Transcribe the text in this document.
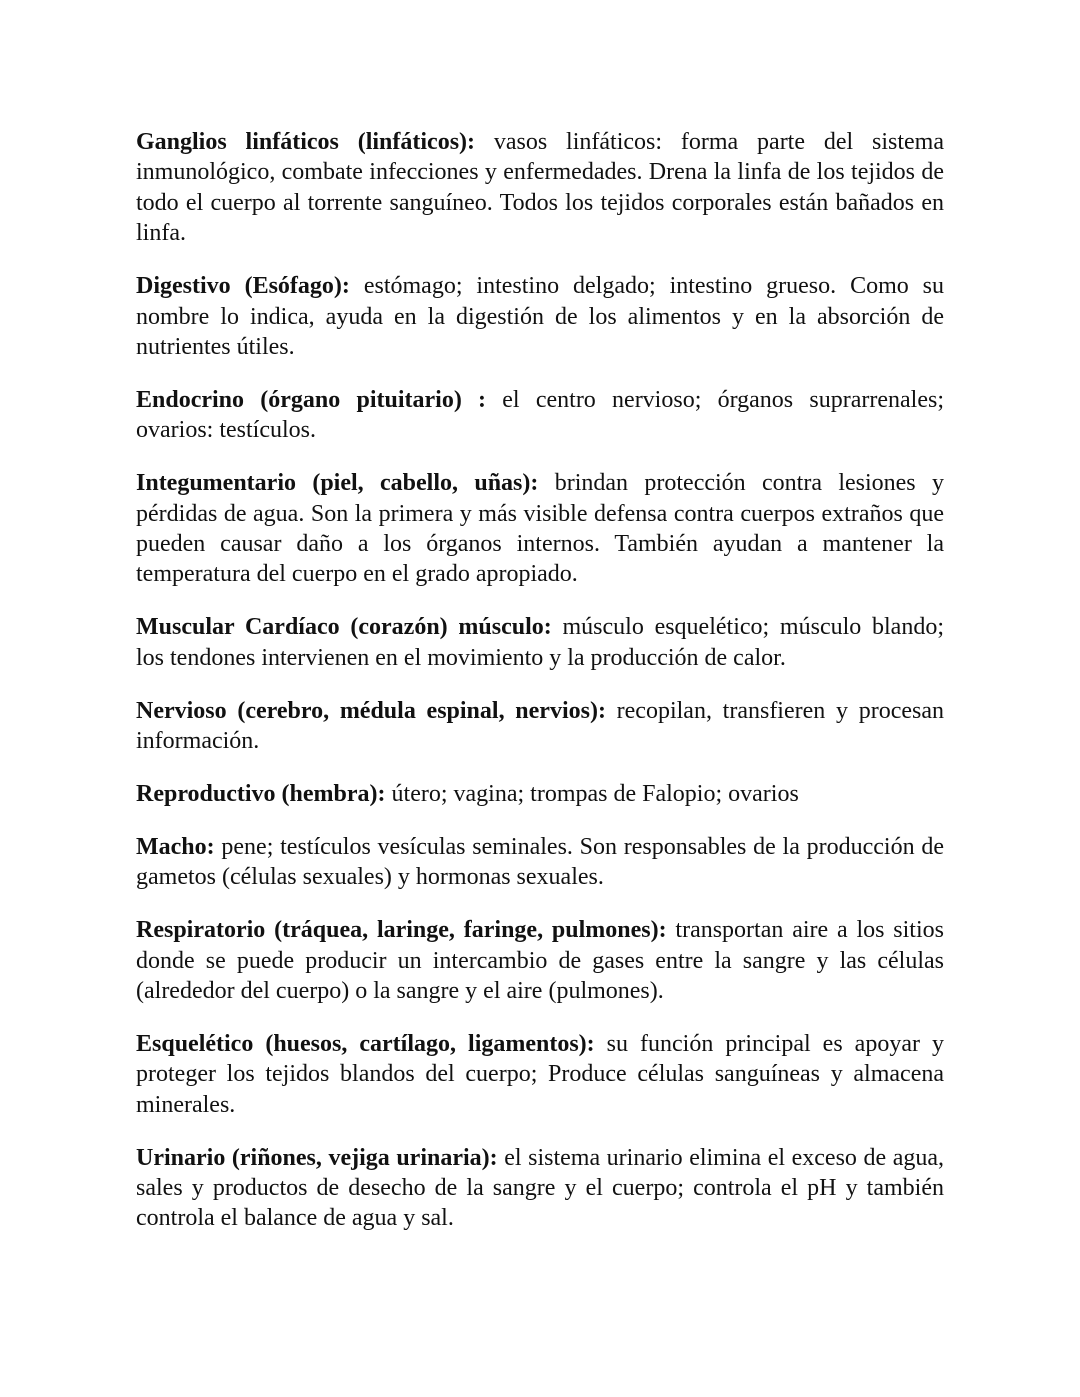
Ganglios linfáticos (linfáticos): vasos linfáticos: forma parte del sistema inmunológico, combate infecciones y enfermedades. Drena la linfa de los tejidos de todo el cuerpo al torrente sanguíneo. Todos los tejidos corporales están bañados en linfa.

Digestivo (Esófago): estómago; intestino delgado; intestino grueso. Como su nombre lo indica, ayuda en la digestión de los alimentos y en la absorción de nutrientes útiles.

Endocrino (órgano pituitario) : el centro nervioso; órganos suprarrenales; ovarios: testículos.

Integumentario (piel, cabello, uñas): brindan protección contra lesiones y pérdidas de agua. Son la primera y más visible defensa contra cuerpos extraños que pueden causar daño a los órganos internos. También ayudan a mantener la temperatura del cuerpo en el grado apropiado.

Muscular Cardíaco (corazón) músculo: músculo esquelético; músculo blando; los tendones intervienen en el movimiento y la producción de calor.

Nervioso (cerebro, médula espinal, nervios): recopilan, transfieren y procesan información.

Reproductivo (hembra): útero; vagina; trompas de Falopio; ovarios

Macho: pene; testículos vesículas seminales. Son responsables de la producción de gametos (células sexuales) y hormonas sexuales.

Respiratorio (tráquea, laringe, faringe, pulmones): transportan aire a los sitios donde se puede producir un intercambio de gases entre la sangre y las células (alrededor del cuerpo) o la sangre y el aire (pulmones).

Esquelético (huesos, cartílago, ligamentos): su función principal es apoyar y proteger los tejidos blandos del cuerpo; Produce células sanguíneas y almacena minerales.

Urinario (riñones, vejiga urinaria): el sistema urinario elimina el exceso de agua, sales y productos de desecho de la sangre y el cuerpo; controla el pH y también controla el balance de agua y sal.
